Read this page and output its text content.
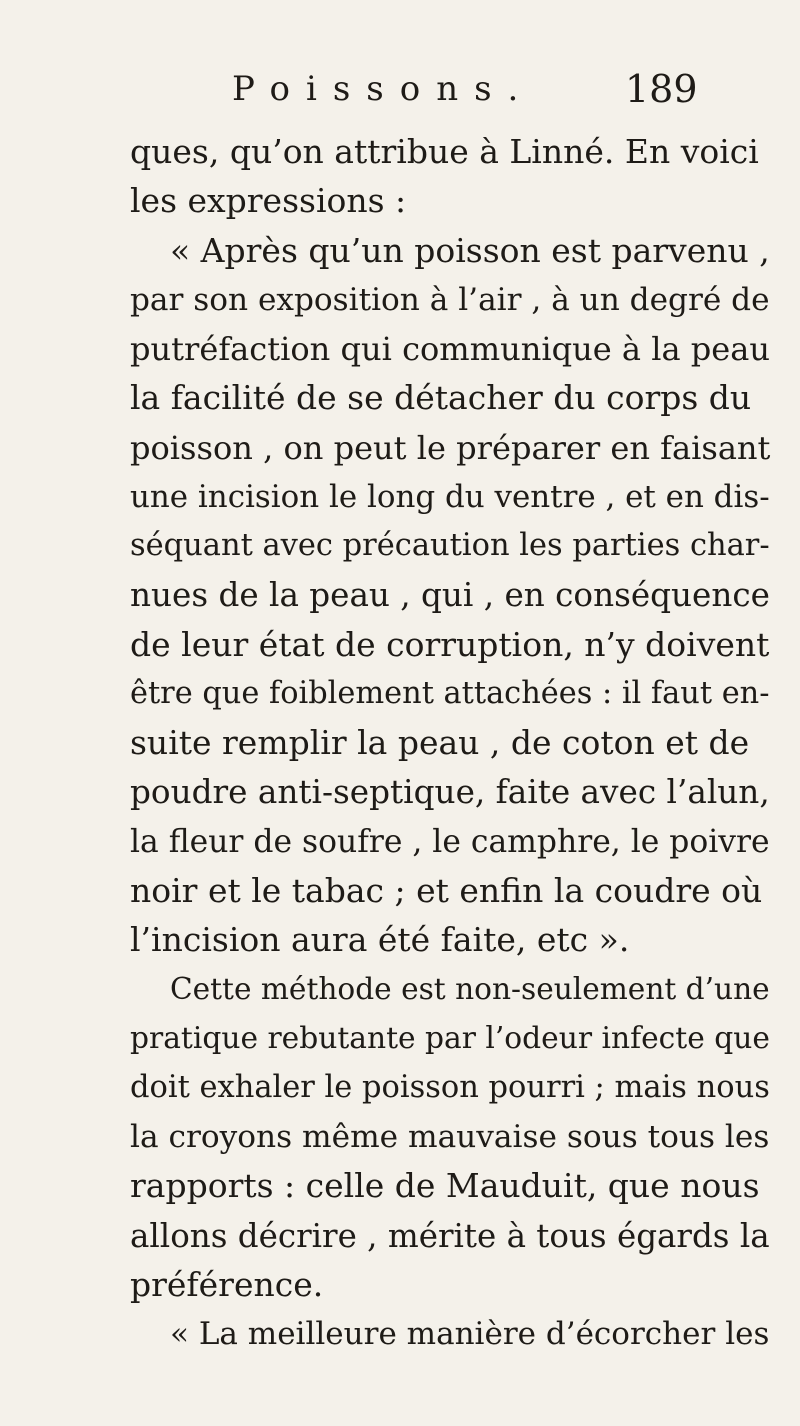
Poissons. 189
ques, qu’on attribue à Linné. En voici
les expressions :
« Après qu’un poisson est parvenu ,
par son exposition à l’air , à un degré de
putréfaction qui communique à la peau
la facilité de se détacher du corps du
poisson , on peut le préparer en faisant
une incision le long du ventre , et en dis-
séquant avec précaution les parties char-
nues de la peau , qui , en conséquence
de leur état de corruption, n’y doivent
être que foiblement attachées : il faut en-
suite remplir la peau , de coton et de
poudre anti-septique, faite avec l’alun,
la fleur de soufre , le camphre, le poivre
noir et le tabac ; et enfin la coudre où
l’incision aura été faite, etc ».
Cette méthode est non-seulement d’une
pratique rebutante par l’odeur infecte que
doit exhaler le poisson pourri ; mais nous
la croyons même mauvaise sous tous les
rapports : celle de Mauduit, que nous
allons décrire , mérite à tous égards la
préférence.
« La meilleure manière d’écorcher les
